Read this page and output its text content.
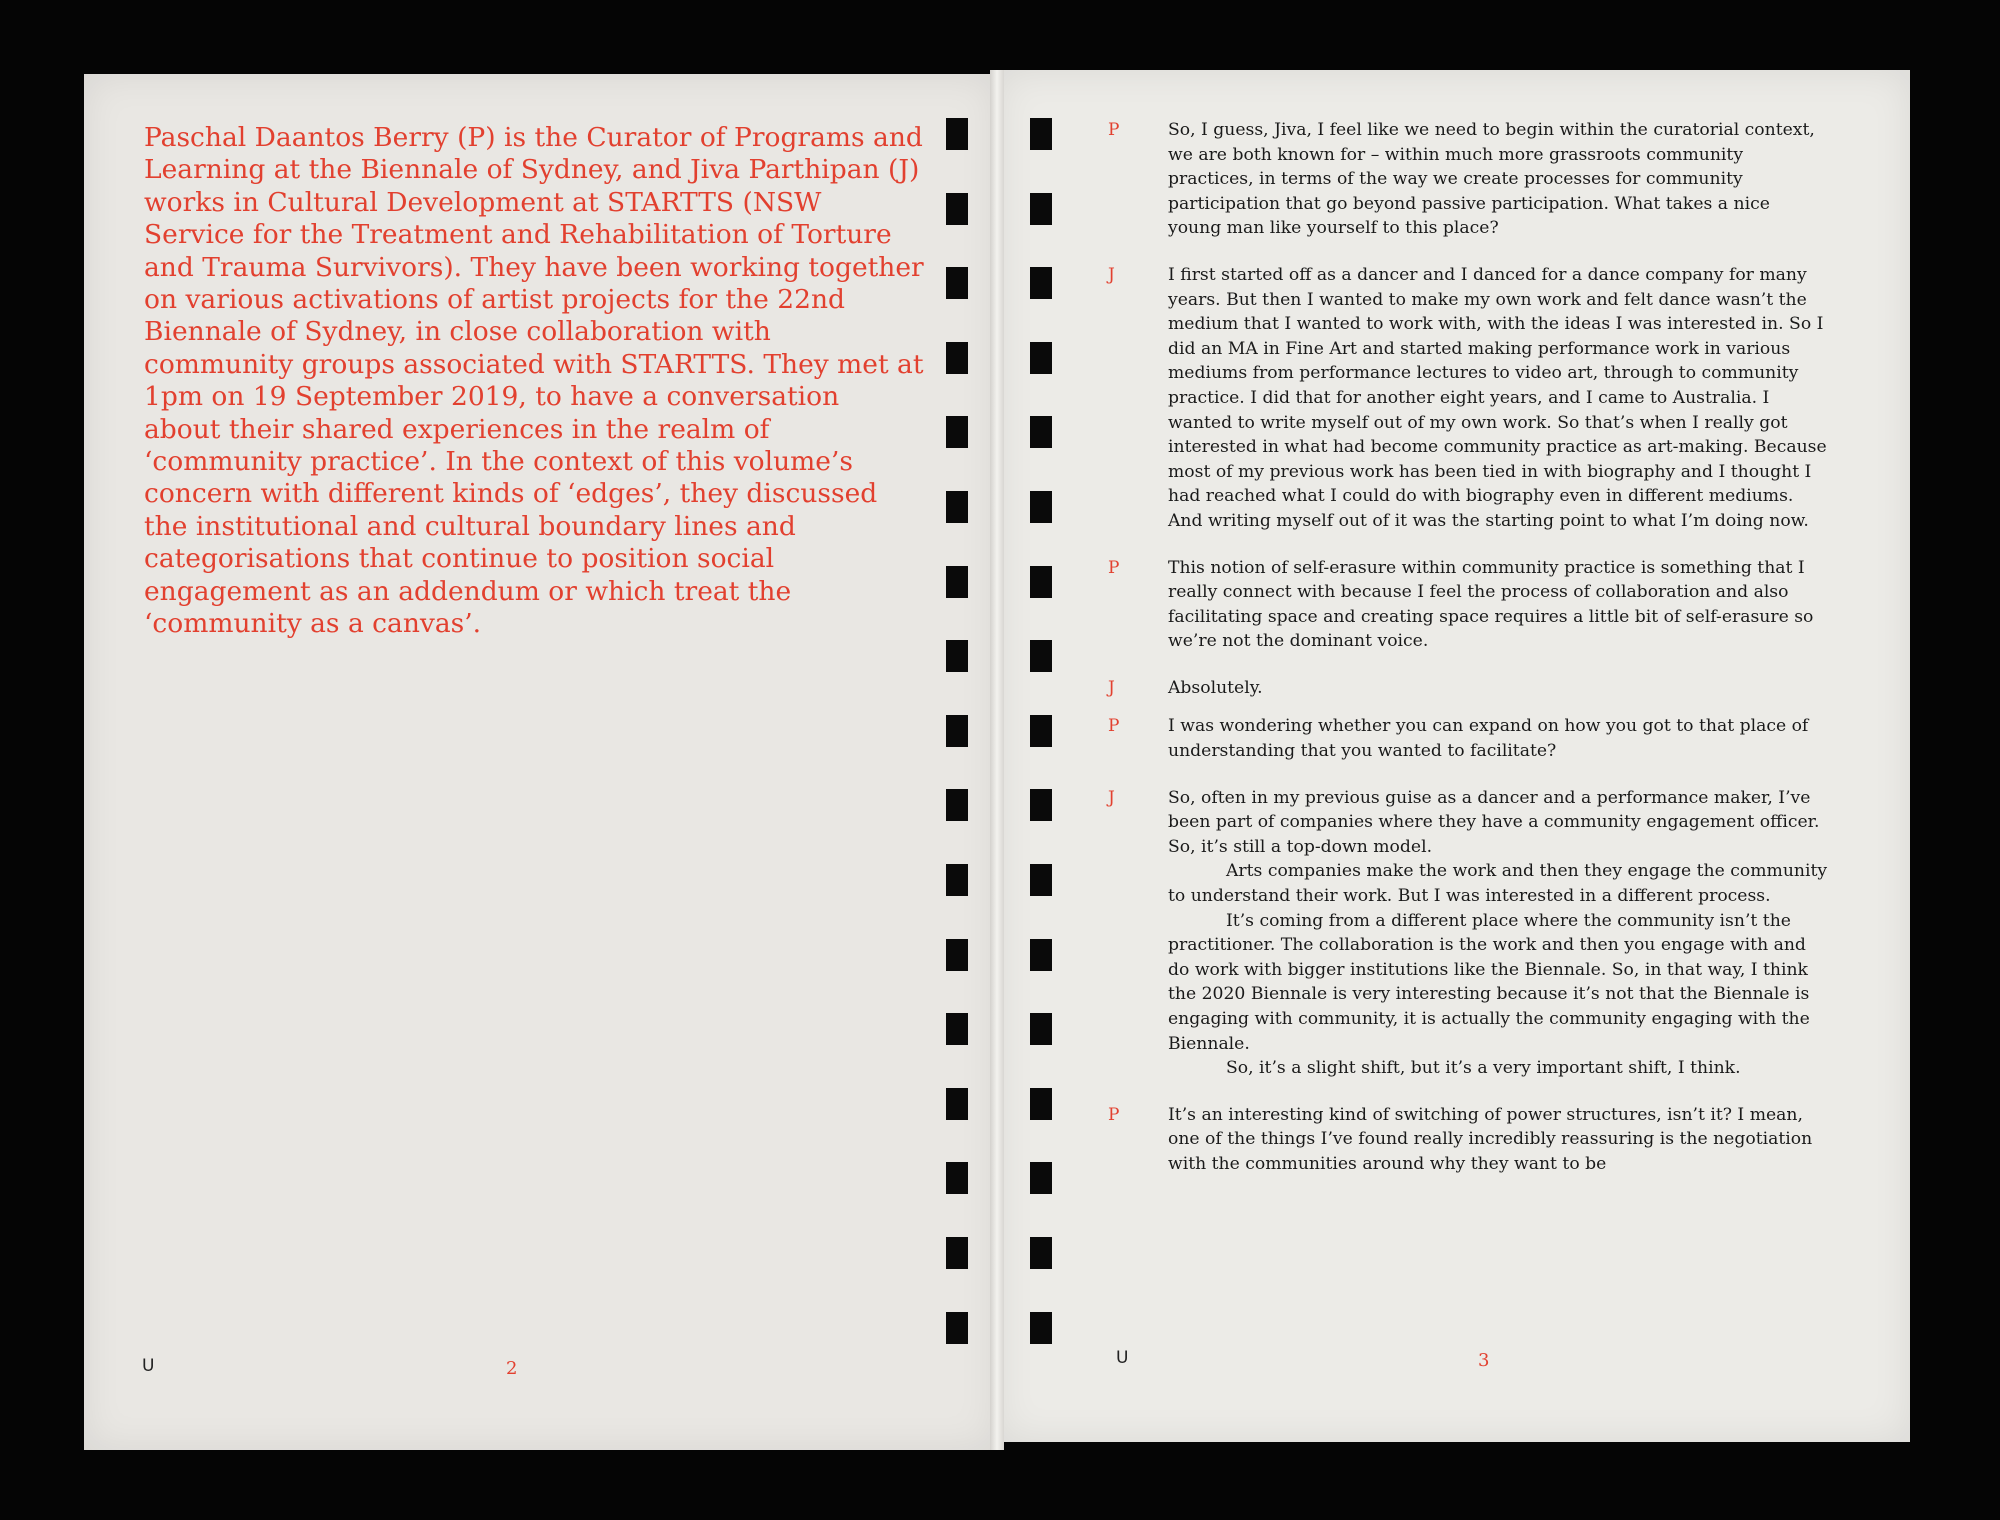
Paschal Daantos Berry (P) is the Curator of Programs and Learning at the Biennale of Sydney, and Jiva Parthipan (J) works in Cultural Development at STARTTS (NSW Service for the Treatment and Rehabilitation of Torture and Trauma Survivors). They have been working together on various activations of artist projects for the 22nd Biennale of Sydney, in close collaboration with community groups associated with STARTTS. They met at 1pm on 19 September 2019, to have a conversation about their shared experiences in the realm of ‘community practice’. In the context of this volume’s concern with different kinds of ‘edges’, they discussed the institutional and cultural boundary lines and categorisations that continue to position social engagement as an addendum or which treat the ‘community as a canvas’.

U	2	U	3
P	So, I guess, Jiva, I feel like we need to begin within the curatorial context, we are both known for – within much more grassroots community practices, in terms of the way we create processes for community participation that go beyond passive participation. What takes a nice young man like yourself to this place?

J	I first started off as a dancer and I danced for a dance company for many years. But then I wanted to make my own work and felt dance wasn’t the medium that I wanted to work with, with the ideas I was interested in. So I did an MA in Fine Art and started making performance work in various mediums from performance lectures to video art, through to community practice. I did that for another eight years, and I came to Australia. I wanted to write myself out of my own work. So that’s when I really got interested in what had become community practice as art-making. Because most of my previous work has been tied in with biography and I thought I had reached what I could do with biography even in different mediums. And writing myself out of it was the starting point to what I’m doing now.

P	This notion of self-erasure within community practice is something that I really connect with because I feel the process of collaboration and also facilitating space and creating space requires a little bit of self-erasure so we’re not the dominant voice.

J	Absolutely.

P	I was wondering whether you can expand on how you got to that place of understanding that you wanted to facilitate?

J	So, often in my previous guise as a dancer and a performance maker, I’ve been part of companies where they have a community engagement officer. So, it’s still a top-down model.

Arts companies make the work and then they engage the community to understand their work. But I was interested in a different process.

It’s coming from a different place where the community isn’t the practitioner. The collaboration is the work and then you engage with and do work with bigger institutions like the Biennale. So, in that way, I think the 2020 Biennale is very interesting because it’s not that the Biennale is engaging with community, it is actually the community engaging with the Biennale.

So, it’s a slight shift, but it’s a very important shift, I think.

P	It’s an interesting kind of switching of power structures, isn’t it? I mean, one of the things I’ve found really incredibly reassuring is the negotiation with the communities around why they want to be
